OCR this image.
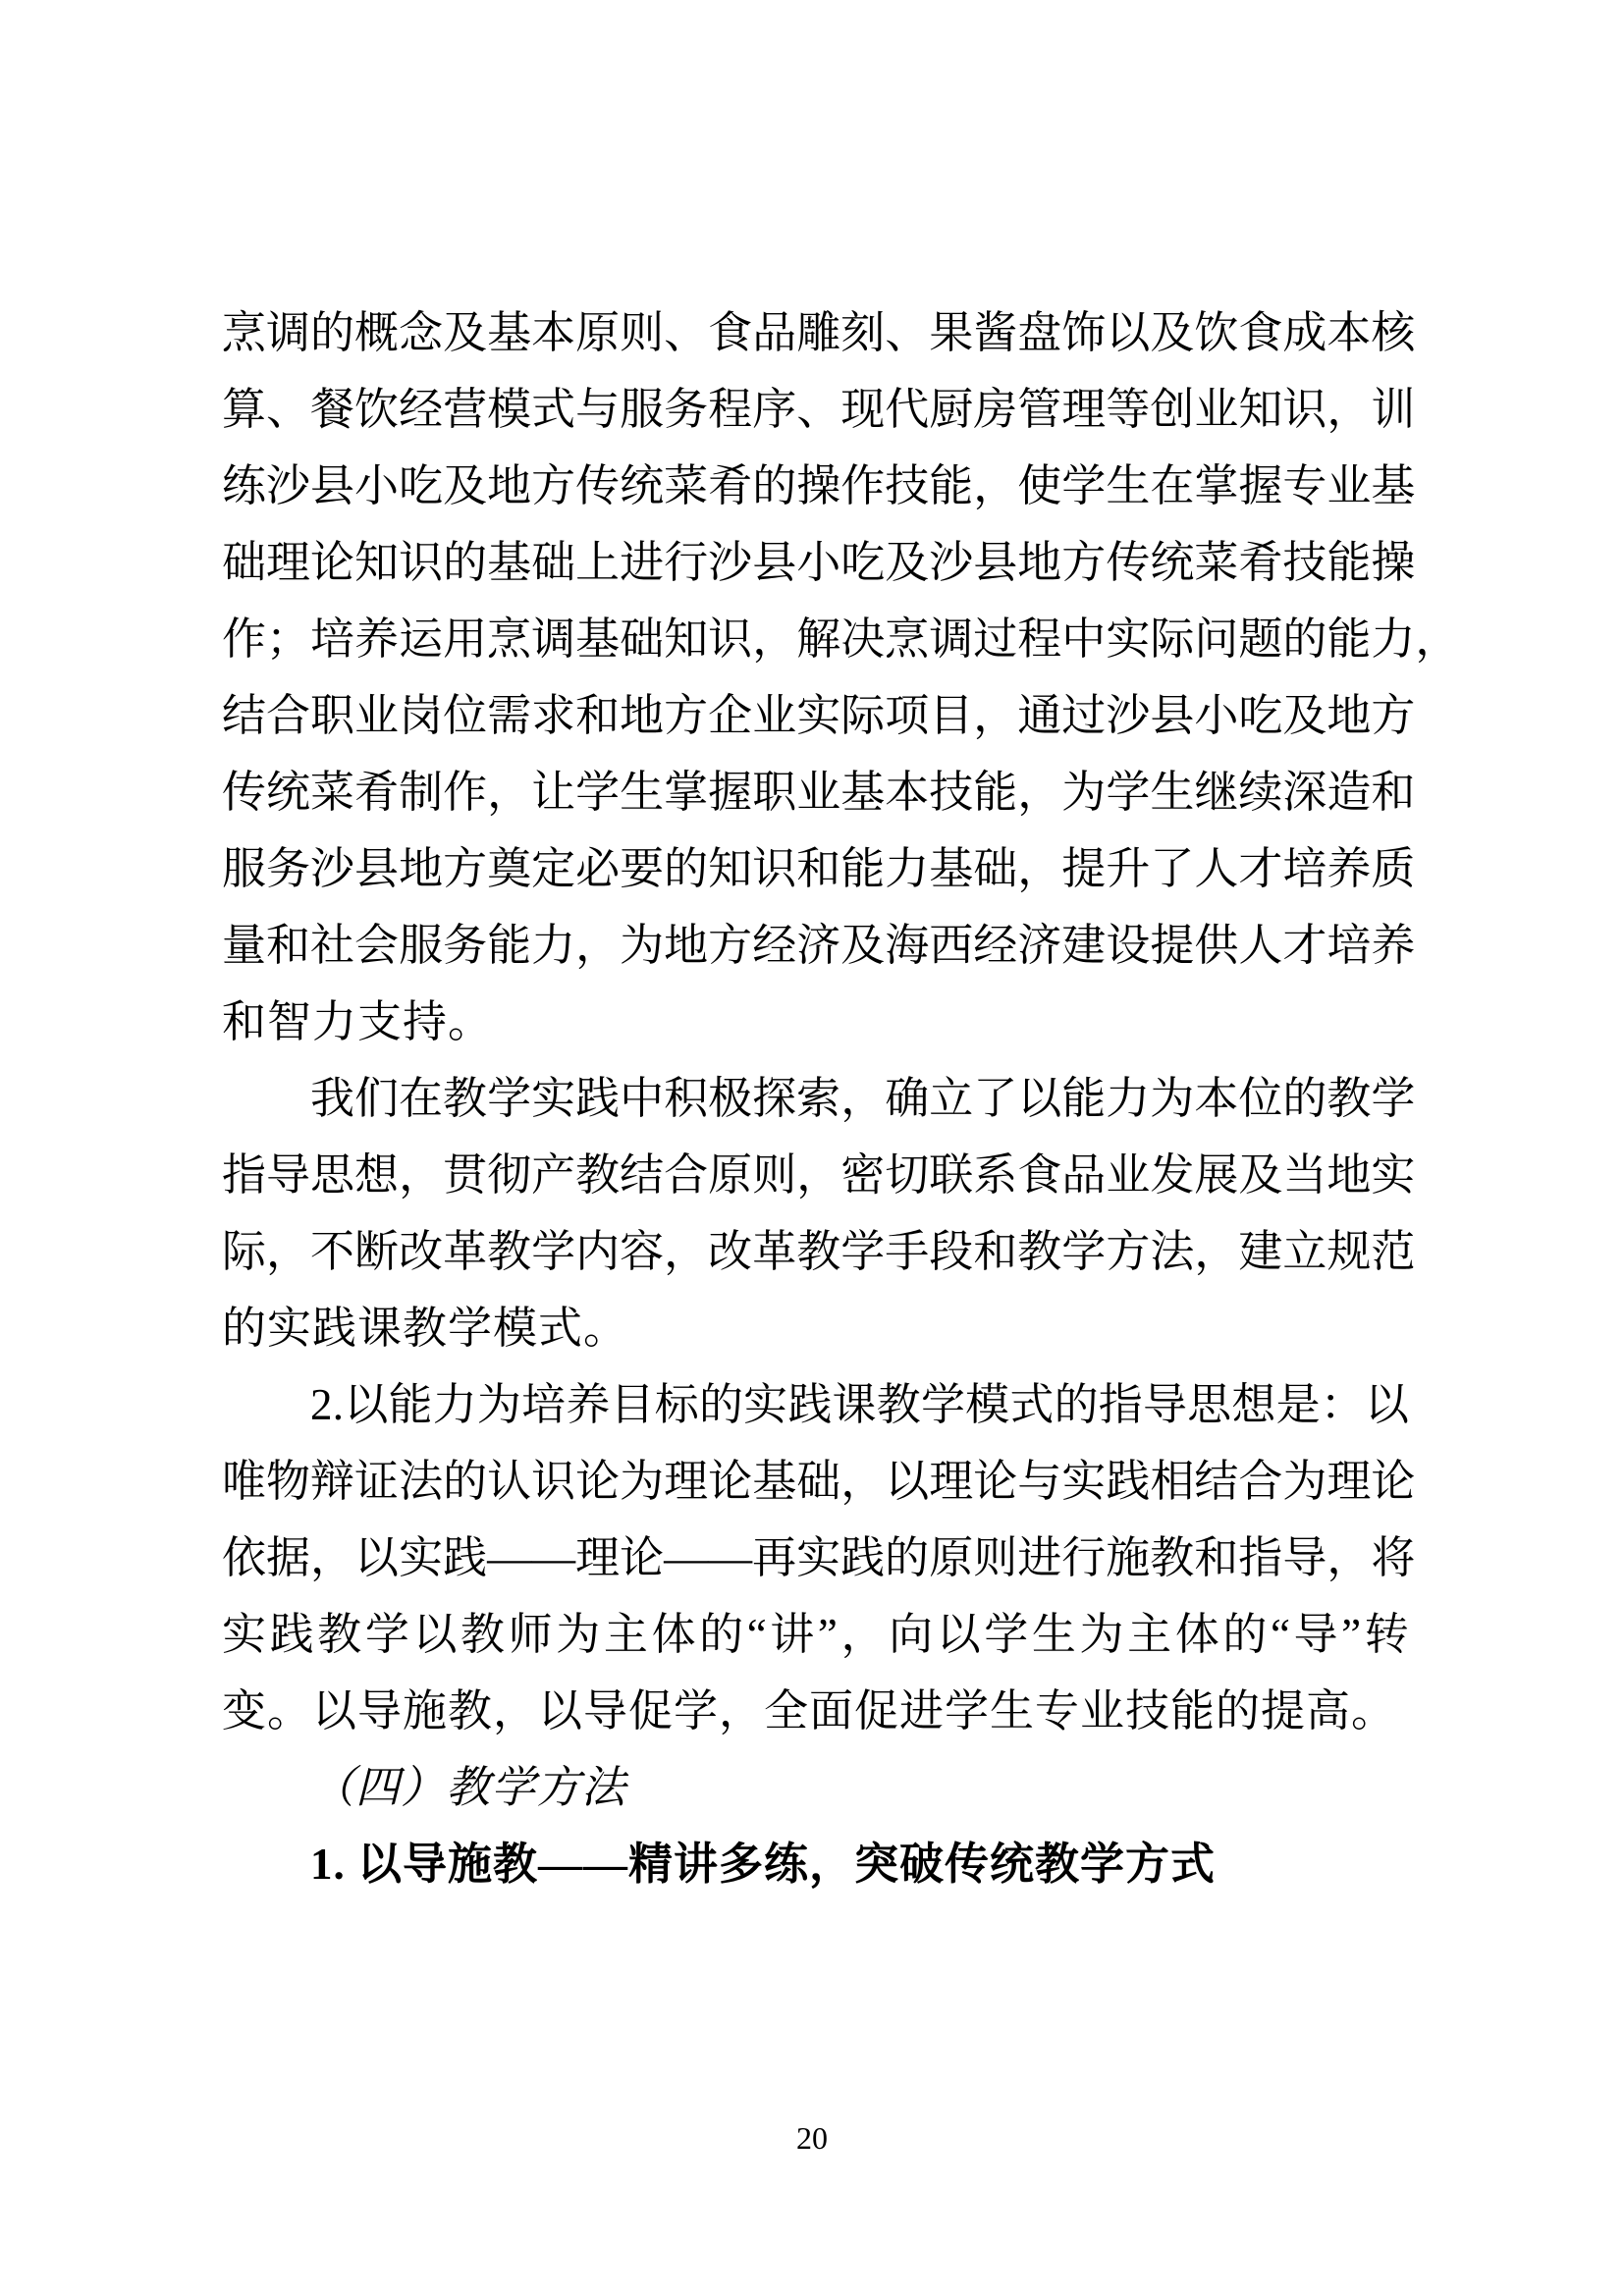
烹 调 的 概 念 及 基 本 原 则 、 食 品 雕 刻 、 果 酱 盘 饰 以 及 饮 食 成 本 核
算 、 餐 饮 经 营 模 式 与 服 务 程 序 、 现 代 厨 房 管 理 等 创 业 知 识 ， 训
练 沙 县 小 吃 及 地 方 传 统 菜 肴 的 操 作 技 能 ， 使 学 生 在 掌 握 专 业 基
础 理 论 知 识 的 基 础 上 进 行 沙 县 小 吃 及 沙 县 地 方 传 统 菜 肴 技 能 操
作 ； 培 养 运 用 烹 调 基 础 知 识 ， 解 决 烹 调 过 程 中 实 际 问 题 的 能 力 ，
结 合 职 业 岗 位 需 求 和 地 方 企 业 实 际 项 目 ， 通 过 沙 县 小 吃 及 地 方
传 统 菜 肴 制 作 ， 让 学 生 掌 握 职 业 基 本 技 能 ， 为 学 生 继 续 深 造 和
服 务 沙 县 地 方 奠 定 必 要 的 知 识 和 能 力 基 础 ， 提 升 了 人 才 培 养 质
量 和 社 会 服 务 能 力 ， 为 地 方 经 济 及 海 西 经 济 建 设 提 供 人 才 培 养
和智力支持。
我 们 在 教 学 实 践 中 积 极 探 索 ， 确 立 了 以 能 力 为 本 位 的 教 学
指 导 思 想 ， 贯 彻 产 教 结 合 原 则 ， 密 切 联 系 食 品 业 发 展 及 当 地 实
际 ， 不 断 改 革 教 学 内 容 ， 改 革 教 学 手 段 和 教 学 方 法 ， 建 立 规 范
的实践课教学模式。
2 . 以 能 力 为 培 养 目 标 的 实 践 课 教 学 模 式 的 指 导 思 想 是 ： 以
唯 物 辩 证 法 的 认 识 论 为 理 论 基 础 ， 以 理 论 与 实 践 相 结 合 为 理 论
依 据 ， 以 实 践 — — 理 论 — — 再 实 践 的 原 则 进 行 施 教 和 指 导 ， 将
实 践 教 学 以 教 师 为 主 体 的 “ 讲 ” ， 向 以 学 生 为 主 体 的 “ 导 ” 转
变。以导施教，以导促学，全面促进学生专业技能的提高。
（四）教学方法
1. 以导施教——精讲多练，突破传统教学方式
20
